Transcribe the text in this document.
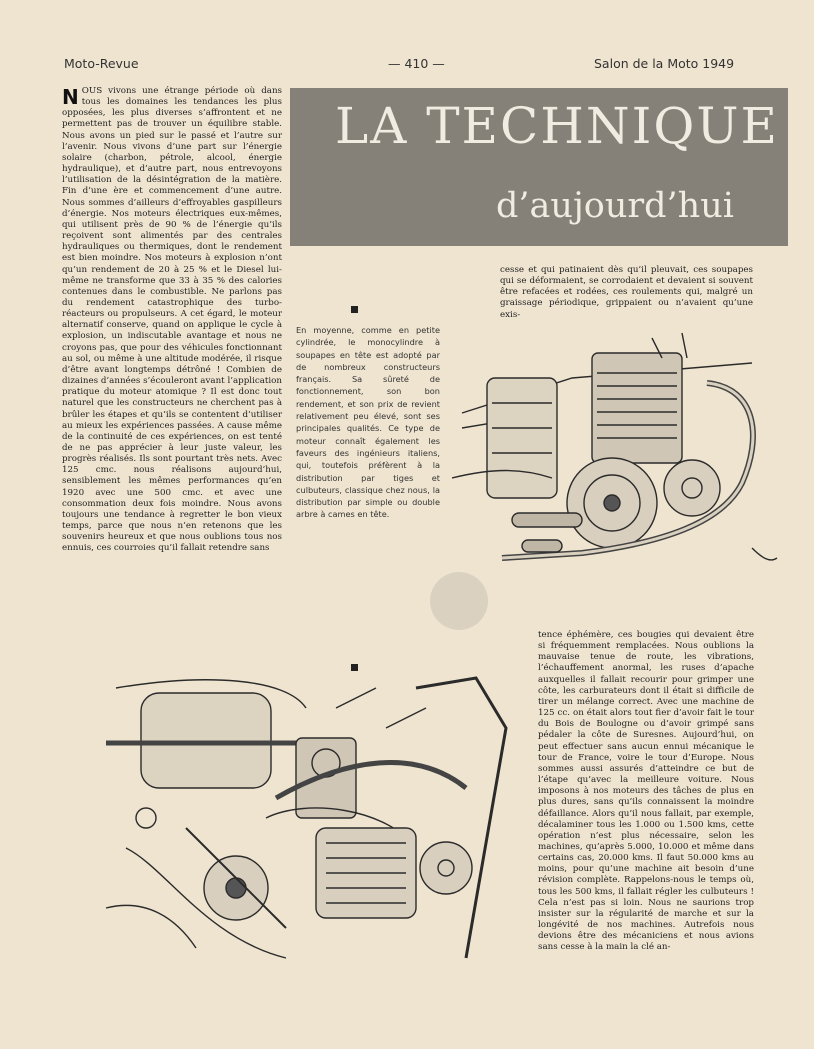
Moto-Revue	— 410 —	Salon de la Moto 1949
LA TECHNIQUE
d’aujourd’hui

NOUS vivons une étrange période où dans tous les domaines les tendances les plus opposées, les plus diverses s’affrontent et ne permettent pas de trouver un équilibre stable. Nous avons un pied sur le passé et l’autre sur l’avenir. Nous vivons d’une part sur l’énergie solaire (charbon, pétrole, alcool, énergie hydraulique), et d’autre part, nous entrevoyons l’utilisation de la désintégration de la matière. Fin d’une ère et commencement d’une autre. Nous sommes d’ailleurs d’effroyables gaspilleurs d’énergie. Nos moteurs électriques eux-mêmes, qui utilisent près de 90 % de l’énergie qu’ils reçoivent sont alimentés par des centrales hydrauliques ou thermiques, dont le rendement est bien moindre. Nos moteurs à explosion n’ont qu’un rendement de 20 à 25 % et le Diesel lui-même ne transforme que 33 à 35 % des calories contenues dans le combustible. Ne parlons pas du rendement catastrophique des turbo-réacteurs ou propulseurs. A cet égard, le moteur alternatif conserve, quand on applique le cycle à explosion, un indiscutable avantage et nous ne croyons pas, que pour des véhicules fonctionnant au sol, ou même à une altitude modérée, il risque d’être avant longtemps détrôné ! Combien de dizaines d’années s’écouleront avant l’application pratique du moteur atomique ? Il est donc tout naturel que les constructeurs ne cherchent pas à brûler les étapes et qu’ils se contentent d’utiliser au mieux les expériences passées. A cause même de la continuité de ces expériences, on est tenté de ne pas apprécier à leur juste valeur, les progrès réalisés. Ils sont pourtant très nets. Avec 125 cmc. nous réalisons aujourd’hui, sensiblement les mêmes performances qu’en 1920 avec une 500 cmc. et avec une consommation deux fois moindre. Nous avons toujours une tendance à regretter le bon vieux temps, parce que nous n’en retenons que les souvenirs heureux et que nous oublions tous nos ennuis, ces courroies qu’il fallait retendre sans

En moyenne, comme en petite cylindrée, le monocylindre à soupapes en tête est adopté par de nombreux constructeurs français. Sa sûreté de fonctionnement, son bon rendement, et son prix de revient relativement peu élevé, sont ses principales qualités. Ce type de moteur connaît également les faveurs des ingénieurs italiens, qui, toutefois préfèrent à la distribution par tiges et culbuteurs, classique chez nous, la distribution par simple ou double arbre à cames en tête.

cesse et qui patinaient dès qu’il pleuvait, ces soupapes qui se déformaient, se corrodaient et devaient si souvent être refacées et rodées, ces roulements qui, malgré un graissage périodique, grippaient ou n’avaient qu’une exis-

tence éphémère, ces bougies qui devaient être si fréquemment remplacées. Nous oublions la mauvaise tenue de route, les vibrations, l’échauffement anormal, les ruses d’apache auxquelles il fallait recourir pour grimper une côte, les carburateurs dont il était si difficile de tirer un mélange correct. Avec une machine de 125 cc. on était alors tout fier d’avoir fait le tour du Bois de Boulogne ou d’avoir grimpé sans pédaler la côte de Suresnes. Aujourd’hui, on peut effectuer sans aucun ennui mécanique le tour de France, voire le tour d’Europe. Nous sommes aussi assurés d’atteindre ce but de l’étape qu’avec la meilleure voiture. Nous imposons à nos moteurs des tâches de plus en plus dures, sans qu’ils connaissent la moindre défaillance. Alors qu’il nous fallait, par exemple, décalaminer tous les 1.000 ou 1.500 kms, cette opération n’est plus nécessaire, selon les machines, qu’après 5.000, 10.000 et même dans certains cas, 20.000 kms. Il faut 50.000 kms au moins, pour qu’une machine ait besoin d’une révision complète. Rappelons-nous le temps où, tous les 500 kms, il fallait régler les culbuteurs ! Cela n’est pas si loin. Nous ne saurions trop insister sur la régularité de marche et sur la longévité de nos machines. Autrefois nous devions être des mécaniciens et nous avions sans cesse à la main la clé an-
